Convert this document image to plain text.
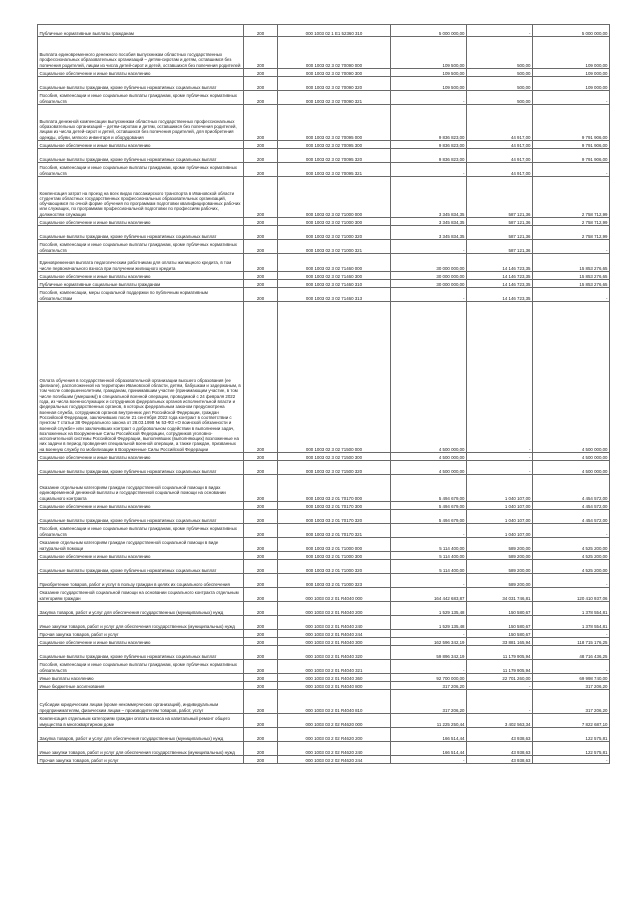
Публичные нормативные выплаты гражданам	200	000 1003 02 1 E1 52360 310	5 000 000,00	-	5 000 000,00
Выплата единовременного денежного пособия выпускникам областных государственных профессиональных образовательных организаций – детям-сиротам и детям, оставшимся без попечения родителей, лицам из числа детей-сирот и детей, оставшихся без попечения родителей	200	000 1003 02 3 02 70090 000	109 500,00	500,00	109 000,00
Социальное обеспечение и иные выплаты населению	200	000 1003 02 3 02 70090 300	109 500,00	500,00	109 000,00
Социальные выплаты гражданам, кроме публичных нормативных социальных выплат	200	000 1003 02 3 02 70090 320	109 500,00	500,00	109 000,00
Пособия, компенсации и иные социальные выплаты гражданам, кроме публичных нормативных обязательств	200	000 1003 02 3 02 70090 321	-	500,00	-
Выплата денежной компенсации выпускникам областных государственных профессиональных образовательных организаций – детям-сиротам и детям, оставшимся без попечения родителей, лицам из числа детей-сирот и детей, оставшихся без попечения родителей, для приобретения одежды, обуви, мягкого инвентаря и оборудования	200	000 1003 02 3 02 70095 000	9 836 823,00	44 917,00	9 791 906,00
Социальное обеспечение и иные выплаты населению	200	000 1003 02 3 02 70095 300	9 836 823,00	44 917,00	9 791 906,00
Социальные выплаты гражданам, кроме публичных нормативных социальных выплат	200	000 1003 02 3 02 70095 320	9 836 823,00	44 917,00	9 791 906,00
Пособия, компенсации и иные социальные выплаты гражданам, кроме публичных нормативных обязательств	200	000 1003 02 3 02 70095 321	-	44 917,00	-
Компенсация затрат на проезд на всех видах пассажирского транспорта в Ивановской области студентам областных государственных профессиональных образовательных организаций, обучающимся по очной форме обучения по программам подготовки квалифицированных рабочих или служащих, по программам профессиональной подготовки по профессиям рабочих, должностям служащих	200	000 1003 02 3 02 71000 000	3 345 834,35	587 121,36	2 758 712,99
Социальное обеспечение и иные выплаты населению	200	000 1003 02 3 02 71000 300	3 345 834,35	587 121,36	2 758 712,99
Социальные выплаты гражданам, кроме публичных нормативных социальных выплат	200	000 1003 02 3 02 71000 320	3 345 834,35	587 121,36	2 758 712,99
Пособия, компенсации и иные социальные выплаты гражданам, кроме публичных нормативных обязательств	200	000 1003 02 3 02 71000 321	-	587 121,36	-
Единовременная выплата педагогическим работникам для оплаты жилищного кредита, в том числе первоначального взноса при получении жилищного кредита	200	000 1003 02 3 02 71460 000	30 000 000,00	14 146 723,35	15 853 276,65
Социальное обеспечение и иные выплаты населению	200	000 1003 02 3 02 71460 300	30 000 000,00	14 146 723,35	15 853 276,65
Публичные нормативные социальные выплаты гражданам	200	000 1003 02 3 02 71460 310	30 000 000,00	14 146 723,35	15 853 276,65
Пособия, компенсации, меры социальной поддержки по публичным нормативным обязательствам	200	000 1003 02 3 02 71460 313	-	14 146 723,35	-
Оплата обучения в государственной образовательной организации высшего образования (ее филиале), расположенной на территории Ивановской области, детям, бабушкам и задержаным, в том числе совершеннолетним, гражданам, принимавшим участие (принимающим участие, в том числе погибшим (умершим)) в специальной военной операции, проводимой с 24 февраля 2022 года, из числа военнослужащих и сотрудников федеральных органов исполнительной власти и федеральных государственных органов, в которых федеральным законом предусмотрена военная служба, сотрудников органов внутренних дел Российской Федерации, граждан Российской Федерации, заключивших после 21 сентября 2022 года контракт в соответствии с пунктом 7 статьи 38 Федерального закона от 28.03.1998 № 53-ФЗ «О воинской обязанности и военной службе» или заключивших контракт о добровольном содействии в выполнении задач, возложенных на Вооруженные Силы Российской Федерации, сотрудников уголовно-исполнительной системы Российской Федерации, выполнявших (выполняющих) возложенные на них задачи в период проведения специальной военной операции, а также граждан, призванных на военную службу по мобилизации в Вооруженные Силы Российской Федерации	200	000 1003 02 3 02 71500 000	4 500 000,00	-	4 500 000,00
Социальное обеспечение и иные выплаты населению	200	000 1003 02 3 02 71500 300	4 500 000,00	-	4 500 000,00
Социальные выплаты гражданам, кроме публичных нормативных социальных выплат	200	000 1003 02 3 02 71500 320	4 500 000,00	-	4 500 000,00
Оказание отдельным категориям граждан государственной социальной помощи в видах единовременной денежной выплаты и государственной социальной помощи на основании социального контракта	200	000 1003 03 2 01 70170 000	5 494 679,00	1 040 107,00	4 454 572,00
Социальное обеспечение и иные выплаты населению	200	000 1003 03 2 01 70170 300	5 494 679,00	1 040 107,00	4 454 572,00
Социальные выплаты гражданам, кроме публичных нормативных социальных выплат	200	000 1003 03 2 01 70170 320	5 494 679,00	1 040 107,00	4 454 572,00
Пособия, компенсации и иные социальные выплаты гражданам, кроме публичных нормативных обязательств	200	000 1003 03 2 01 70170 321	-	1 040 107,00	-
Оказание отдельным категориям граждан государственной социальной помощи в виде натуральной помощи	200	000 1003 03 2 01 71000 000	5 114 400,00	589 200,00	4 525 200,00
Социальное обеспечение и иные выплаты населению	200	000 1003 03 2 01 71000 300	5 114 400,00	589 200,00	4 525 200,00
Социальные выплаты гражданам, кроме публичных нормативных социальных выплат	200	000 1003 03 2 01 71000 320	5 114 400,00	589 200,00	4 525 200,00
Приобретение товаров, работ и услуг в пользу граждан в целях их социального обеспечения	200	000 1003 03 2 01 71000 323	-	589 200,00	-
Оказание государственной социальной помощи на основании социального контракта отдельным категориям граждан	200	000 1003 03 2 01 R4040 000	164 442 683,87	34 031 746,81	120 410 937,06
Закупка товаров, работ и услуг для обеспечения государственных (муниципальных) нужд	200	000 1003 03 2 01 R4040 200	1 529 135,48	150 580,67	1 378 554,81
Иные закупки товаров, работ и услуг для обеспечения государственных (муниципальных) нужд	200	000 1003 03 2 01 R4040 240	1 529 135,48	150 580,67	1 378 554,81
Прочая закупка товаров, работ и услуг	200	000 1003 03 2 01 R4040 244	-	150 580,67	-
Социальное обеспечение и иные выплаты населению	200	000 1003 03 2 01 R4040 300	162 596 342,19	33 881 165,94	118 715 176,25
Социальные выплаты гражданам, кроме публичных нормативных социальных выплат	200	000 1003 03 2 01 R4040 320	59 896 342,19	11 179 905,94	48 716 436,25
Пособия, компенсации и иные социальные выплаты гражданам, кроме публичных нормативных обязательств	200	000 1003 03 2 01 R4040 321	-	11 179 905,94	-
Иные выплаты населению	200	000 1003 03 2 01 R4040 360	92 700 000,00	22 701 260,00	69 998 740,00
Иные бюджетные ассигнования	200	000 1003 03 2 01 R4040 800	317 206,20	-	317 206,20
Субсидии юридическим лицам (кроме некоммерческих организаций), индивидуальным предпринимателям, физическим лицам – производителям товаров, работ, услуг	200	000 1003 03 2 01 R4040 810	317 206,20	-	317 206,20
Компенсация отдельным категориям граждан оплаты взноса на капитальный ремонт общего имущества в многоквартирном доме	200	000 1003 03 2 02 R4620 000	11 225 250,44	3 402 563,34	7 822 687,10
Закупка товаров, работ и услуг для обеспечения государственных (муниципальных) нужд	200	000 1003 03 2 02 R4620 200	166 514,44	43 938,63	122 575,81
Иные закупки товаров, работ и услуг для обеспечения государственных (муниципальных) нужд	200	000 1003 03 2 02 R4620 240	166 514,44	43 938,63	122 575,81
Прочая закупка товаров, работ и услуг	200	000 1003 03 2 02 R4620 244	-	43 938,63	-
